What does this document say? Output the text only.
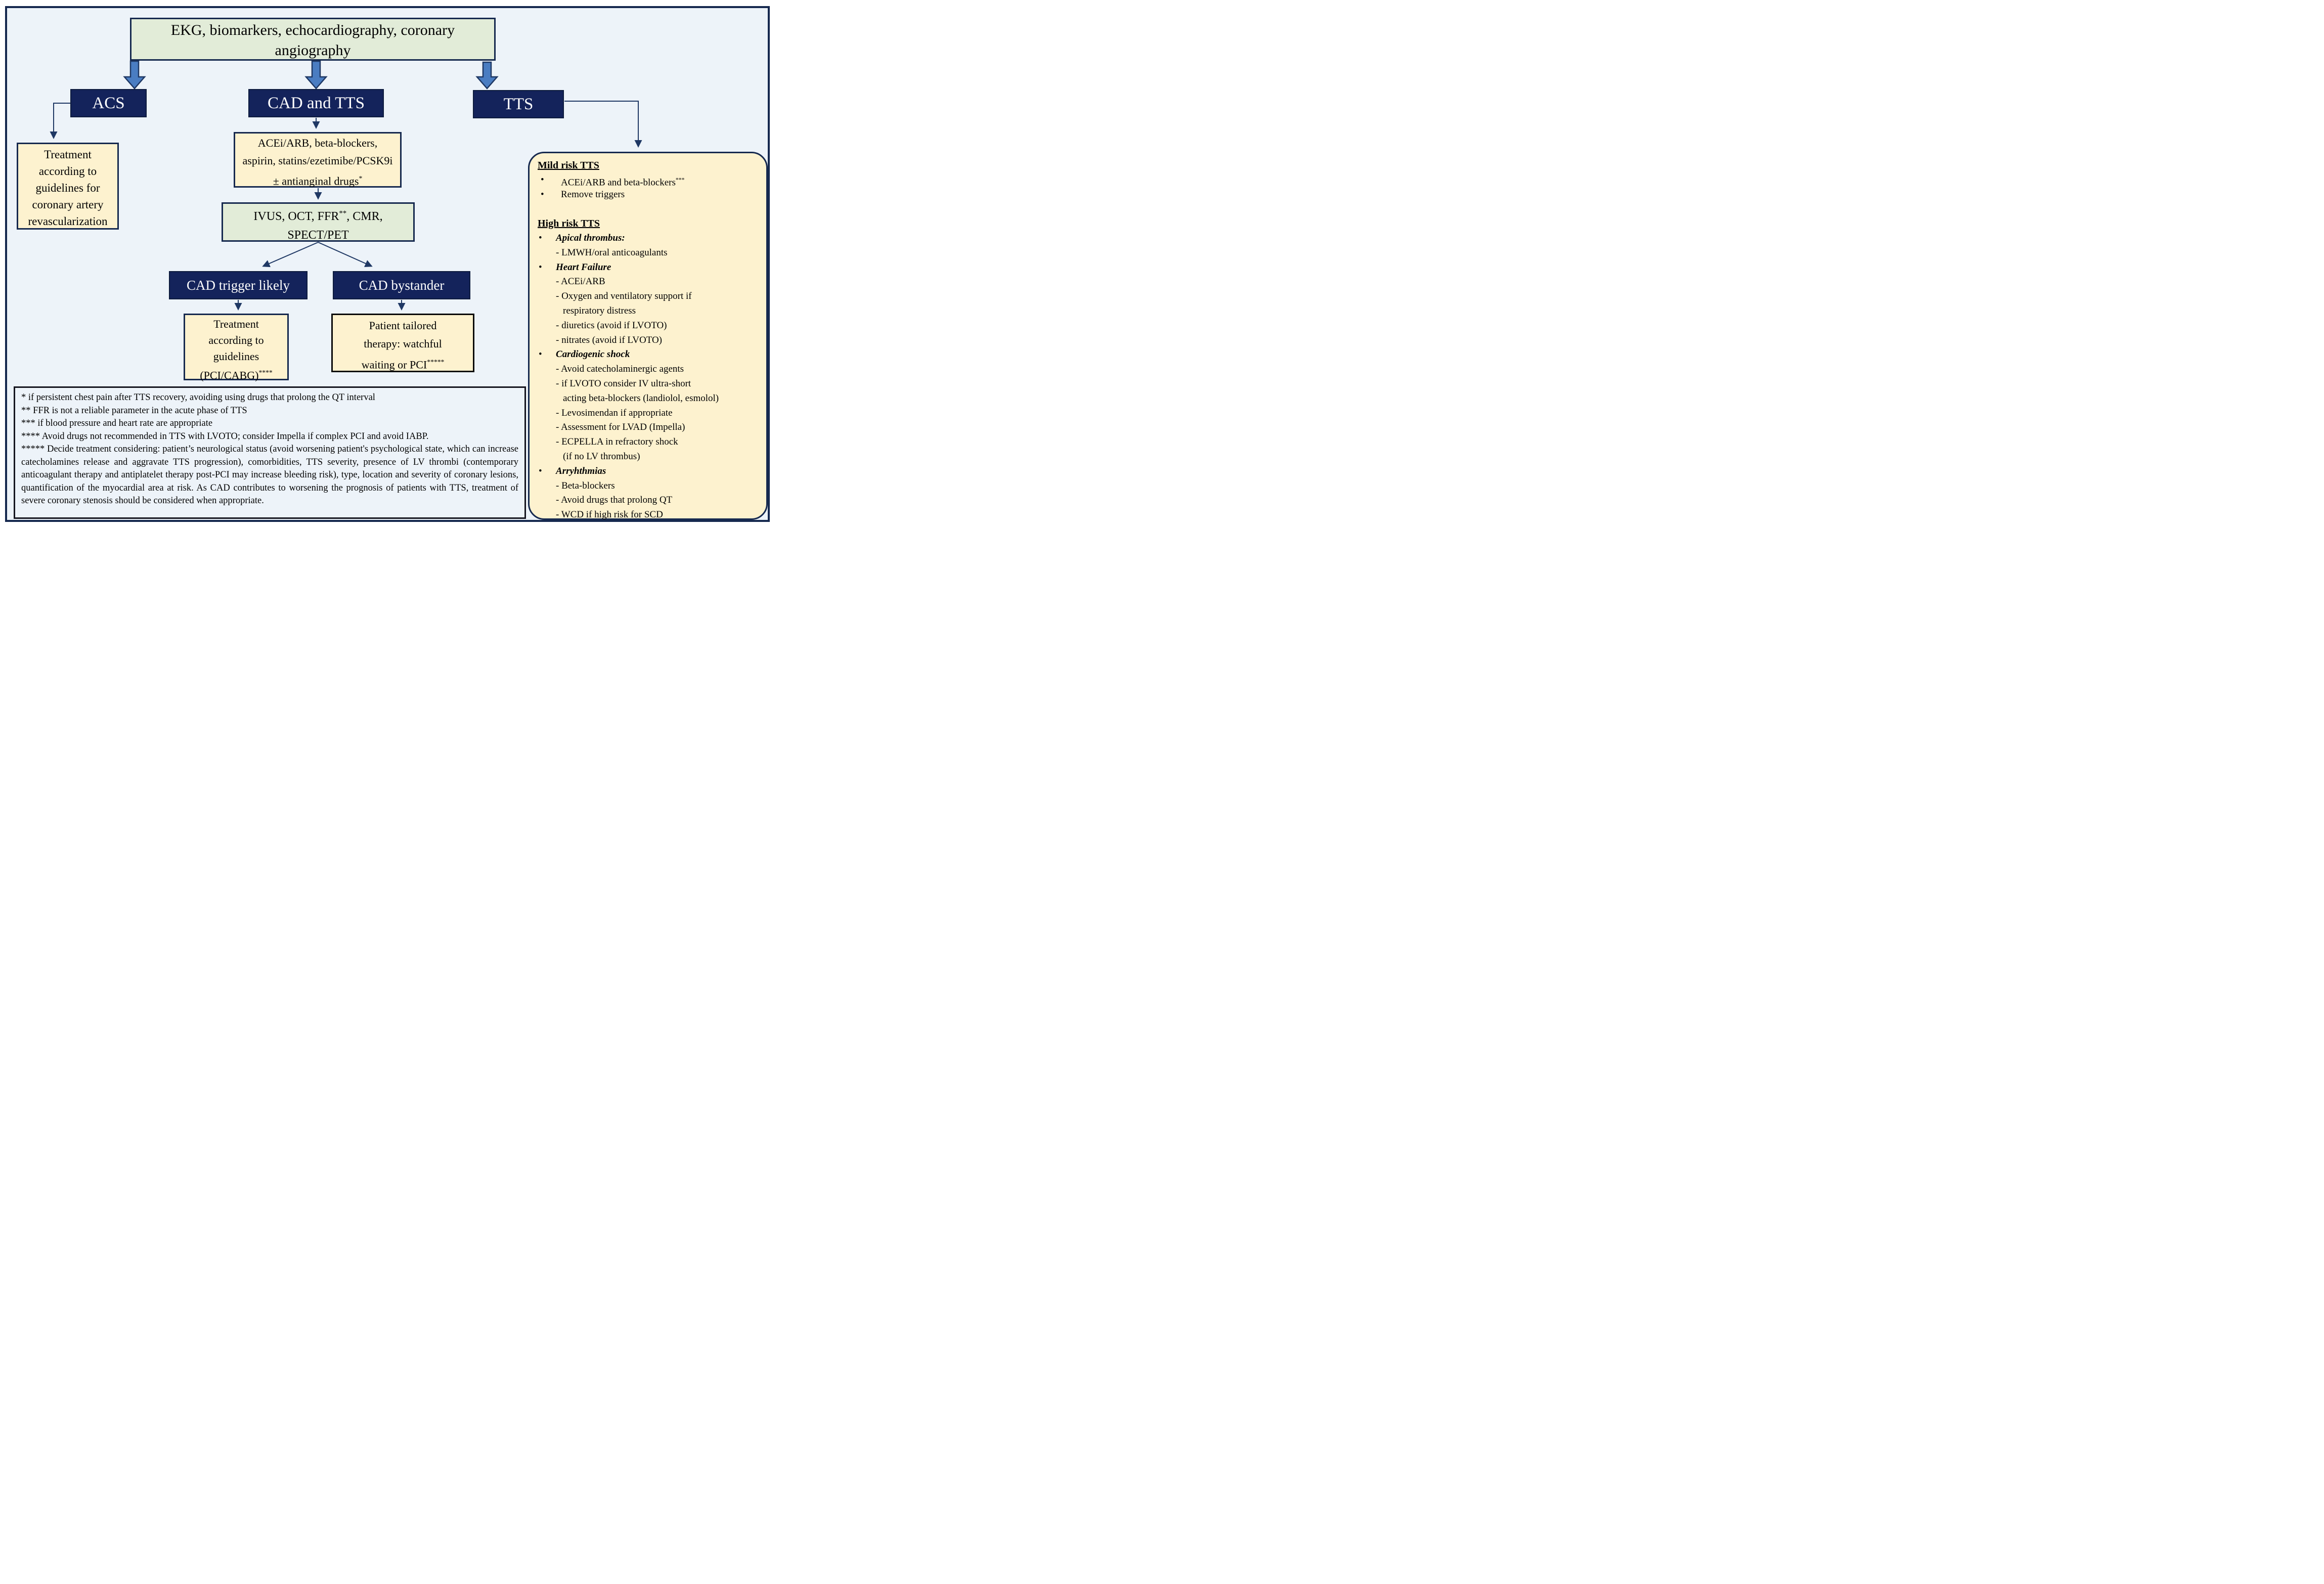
EKG, biomarkers, echocardiography, coronary
angiography
ACS	CAD and TTS	TTS
Treatment
according to
guidelines for
coronary artery
revascularization
ACEi/ARB, beta-blockers,
aspirin, statins/ezetimibe/PCSK9i
± antianginal drugs*
IVUS, OCT, FFR**, CMR,
SPECT/PET
CAD trigger likely	CAD bystander
Treatment
according to
guidelines
(PCI/CABG)****
Patient tailored
therapy: watchful
waiting or PCI*****
Mild risk TTS
• ACEi/ARB and beta-blockers***
• Remove triggers
High risk TTS
• Apical thrombus:
- LMWH/oral anticoagulants
• Heart Failure
- ACEi/ARB
- Oxygen and ventilatory support if
respiratory distress
- diuretics (avoid if LVOTO)
- nitrates (avoid if LVOTO)
• Cardiogenic shock
- Avoid catecholaminergic agents
- if LVOTO consider IV ultra-short
acting beta-blockers (landiolol, esmolol)
- Levosimendan if appropriate
- Assessment for LVAD (Impella)
- ECPELLA in refractory shock
(if no LV thrombus)
• Arryhthmias
- Beta-blockers
- Avoid drugs that prolong QT
- WCD if high risk for SCD
* if persistent chest pain after TTS recovery, avoiding using drugs that prolong the QT interval
** FFR is not a reliable parameter in the acute phase of TTS
*** if blood pressure and heart rate are appropriate
**** Avoid drugs not recommended in TTS with LVOTO; consider Impella if complex PCI and avoid IABP.
***** Decide treatment considering: patient’s neurological status (avoid worsening patient's psychological state, which can increase catecholamines release and aggravate TTS progression), comorbidities, TTS severity, presence of LV thrombi (contemporary anticoagulant therapy and antiplatelet therapy post-PCI may increase bleeding risk), type, location and severity of coronary lesions, quantification of the myocardial area at risk. As CAD contributes to worsening the prognosis of patients with TTS, treatment of severe coronary stenosis should be considered when appropriate.
